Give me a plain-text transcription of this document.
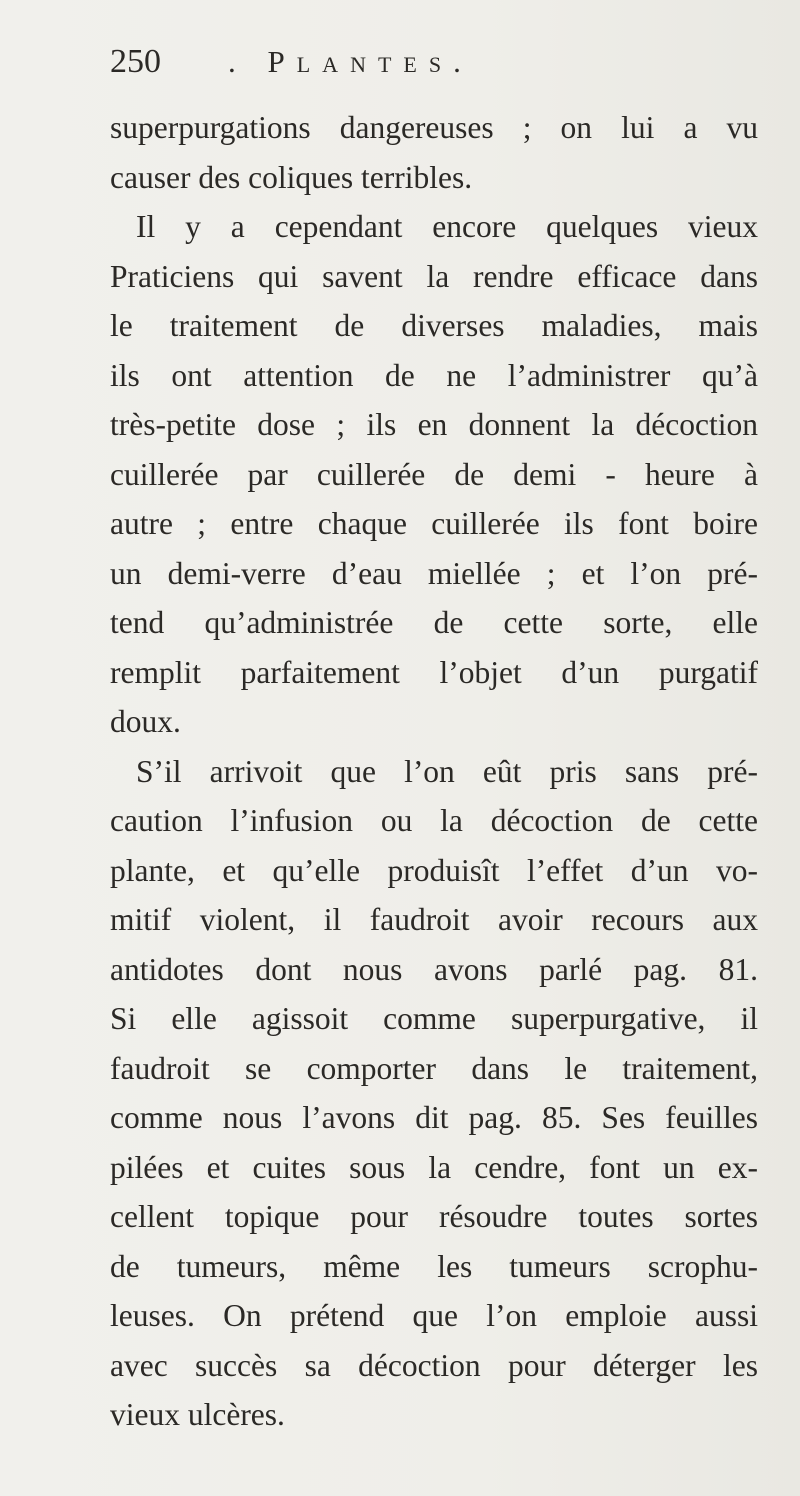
250 . Plantes.
superpurgations dangereuses ; on lui a vu
causer des coliques terribles.
Il y a cependant encore quelques vieux
Praticiens qui savent la rendre efficace dans
le traitement de diverses maladies, mais
ils ont attention de ne l’administrer qu’à
très-petite dose ; ils en donnent la décoction
cuillerée par cuillerée de demi - heure à
autre ; entre chaque cuillerée ils font boire
un demi-verre d’eau miellée ; et l’on pré-
tend qu’administrée de cette sorte, elle
remplit parfaitement l’objet d’un purgatif
doux.
S’il arrivoit que l’on eût pris sans pré-
caution l’infusion ou la décoction de cette
plante, et qu’elle produisît l’effet d’un vo-
mitif violent, il faudroit avoir recours aux
antidotes dont nous avons parlé pag. 81.
Si elle agissoit comme superpurgative, il
faudroit se comporter dans le traitement,
comme nous l’avons dit pag. 85. Ses feuilles
pilées et cuites sous la cendre, font un ex-
cellent topique pour résoudre toutes sortes
de tumeurs, même les tumeurs scrophu-
leuses. On prétend que l’on emploie aussi
avec succès sa décoction pour déterger les
vieux ulcères.
